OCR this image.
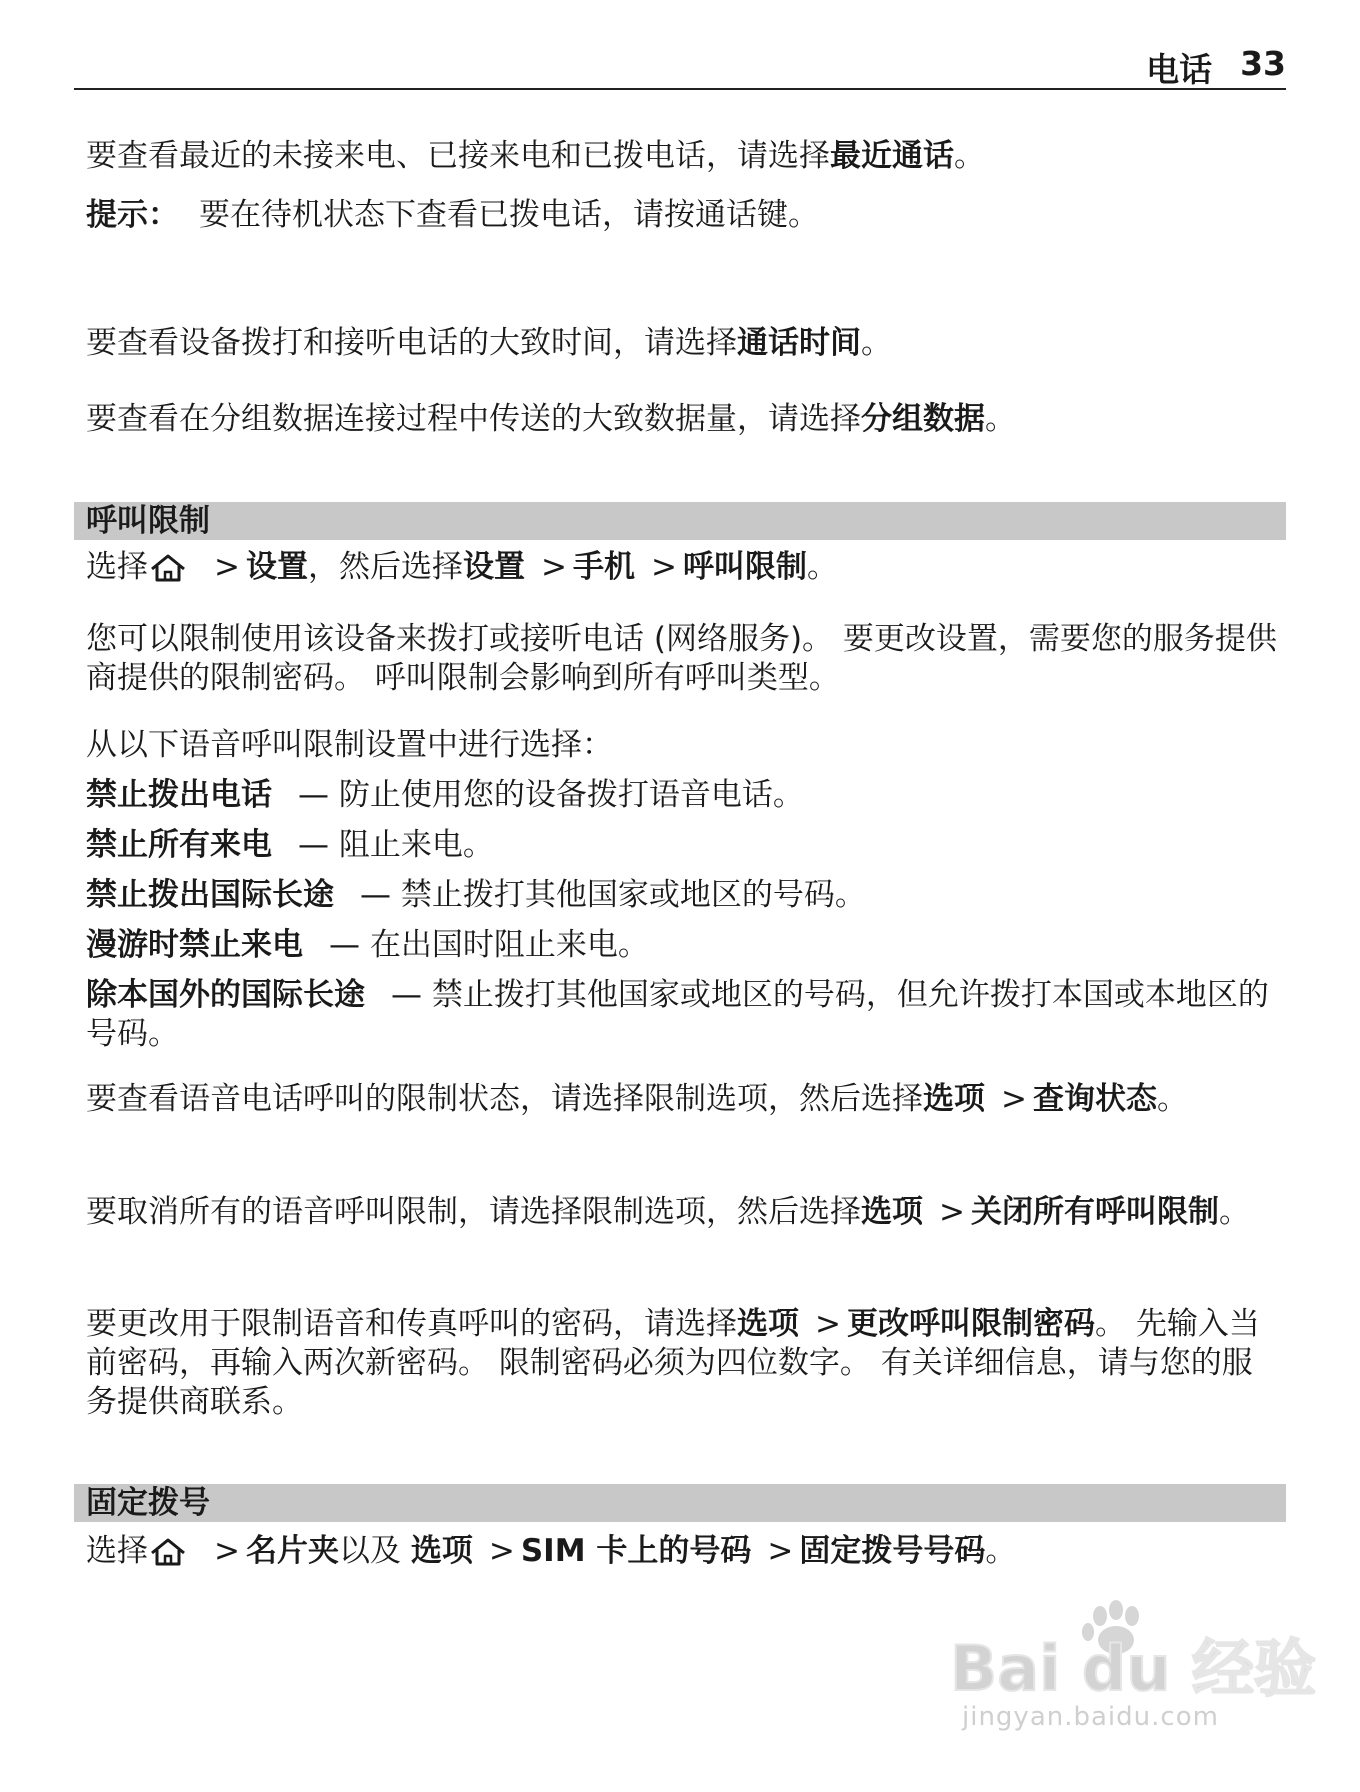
电话 33

要查看最近的未接来电、已接来电和已拨电话，请选择最近通话。

提示： 要在待机状态下查看已拨电话，请按通话键。

要查看设备拨打和接听电话的大致时间，请选择通话时间。

要查看在分组数据连接过程中传送的大致数据量，请选择分组数据。

呼叫限制

选择 > 设置，然后选择设置 > 手机 > 呼叫限制。

您可以限制使用该设备来拨打或接听电话 (网络服务)。 要更改设置，需要您的服务提供商提供的限制密码。 呼叫限制会影响到所有呼叫类型。

从以下语音呼叫限制设置中进行选择：

禁止拨出电话 — 防止使用您的设备拨打语音电话。

禁止所有来电 — 阻止来电。

禁止拨出国际长途 — 禁止拨打其他国家或地区的号码。

漫游时禁止来电 — 在出国时阻止来电。

除本国外的国际长途 — 禁止拨打其他国家或地区的号码，但允许拨打本国或本地区的号码。

要查看语音电话呼叫的限制状态，请选择限制选项，然后选择选项 > 查询状态。

要取消所有的语音呼叫限制，请选择限制选项，然后选择选项 > 关闭所有呼叫限制。

要更改用于限制语音和传真呼叫的密码，请选择选项 > 更改呼叫限制密码。 先输入当前密码，再输入两次新密码。 限制密码必须为四位数字。 有关详细信息，请与您的服务提供商联系。

固定拨号

选择 > 名片夹以及 选项 > SIM 卡上的号码 > 固定拨号号码。

Bai du 经验
jingyan.baidu.com
